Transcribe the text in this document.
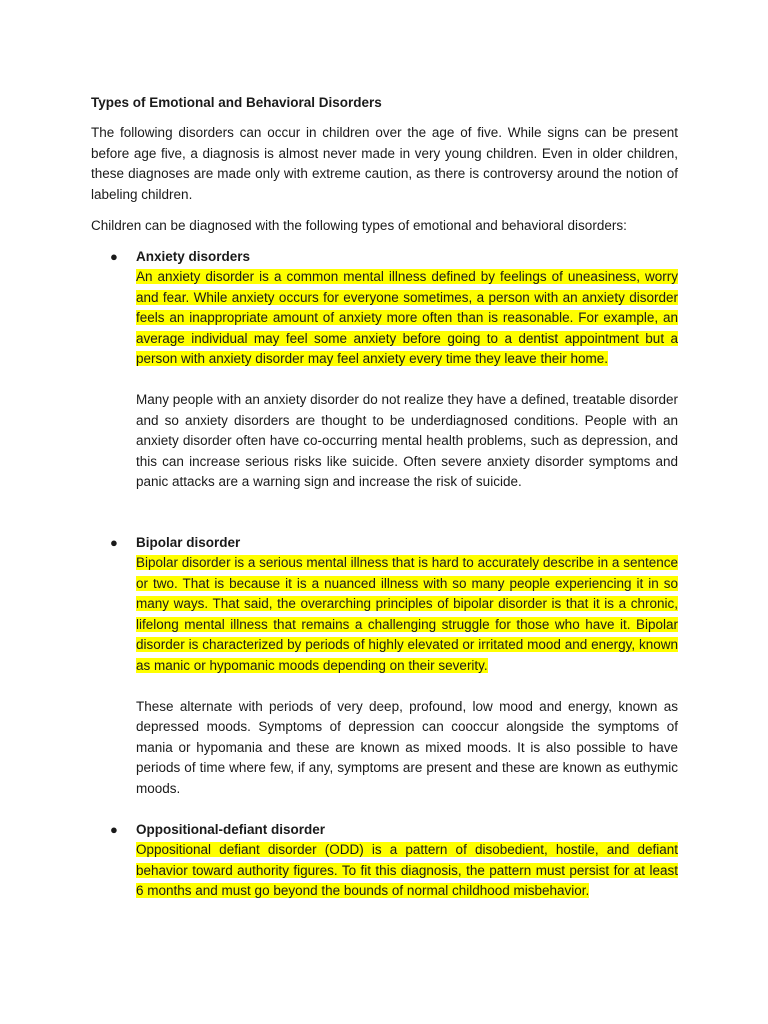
Types of Emotional and Behavioral Disorders
The following disorders can occur in children over the age of five. While signs can be present before age five, a diagnosis is almost never made in very young children. Even in older children, these diagnoses are made only with extreme caution, as there is controversy around the notion of labeling children.
Children can be diagnosed with the following types of emotional and behavioral disorders:
● Anxiety disorders
An anxiety disorder is a common mental illness defined by feelings of uneasiness, worry and fear. While anxiety occurs for everyone sometimes, a person with an anxiety disorder feels an inappropriate amount of anxiety more often than is reasonable. For example, an average individual may feel some anxiety before going to a dentist appointment but a person with anxiety disorder may feel anxiety every time they leave their home.
Many people with an anxiety disorder do not realize they have a defined, treatable disorder and so anxiety disorders are thought to be underdiagnosed conditions. People with an anxiety disorder often have co-occurring mental health problems, such as depression, and this can increase serious risks like suicide. Often severe anxiety disorder symptoms and panic attacks are a warning sign and increase the risk of suicide.
● Bipolar disorder
Bipolar disorder is a serious mental illness that is hard to accurately describe in a sentence or two. That is because it is a nuanced illness with so many people experiencing it in so many ways. That said, the overarching principles of bipolar disorder is that it is a chronic, lifelong mental illness that remains a challenging struggle for those who have it. Bipolar disorder is characterized by periods of highly elevated or irritated mood and energy, known as manic or hypomanic moods depending on their severity.
These alternate with periods of very deep, profound, low mood and energy, known as depressed moods. Symptoms of depression can cooccur alongside the symptoms of mania or hypomania and these are known as mixed moods. It is also possible to have periods of time where few, if any, symptoms are present and these are known as euthymic moods.
● Oppositional-defiant disorder
Oppositional defiant disorder (ODD) is a pattern of disobedient, hostile, and defiant behavior toward authority figures. To fit this diagnosis, the pattern must persist for at least 6 months and must go beyond the bounds of normal childhood misbehavior.
